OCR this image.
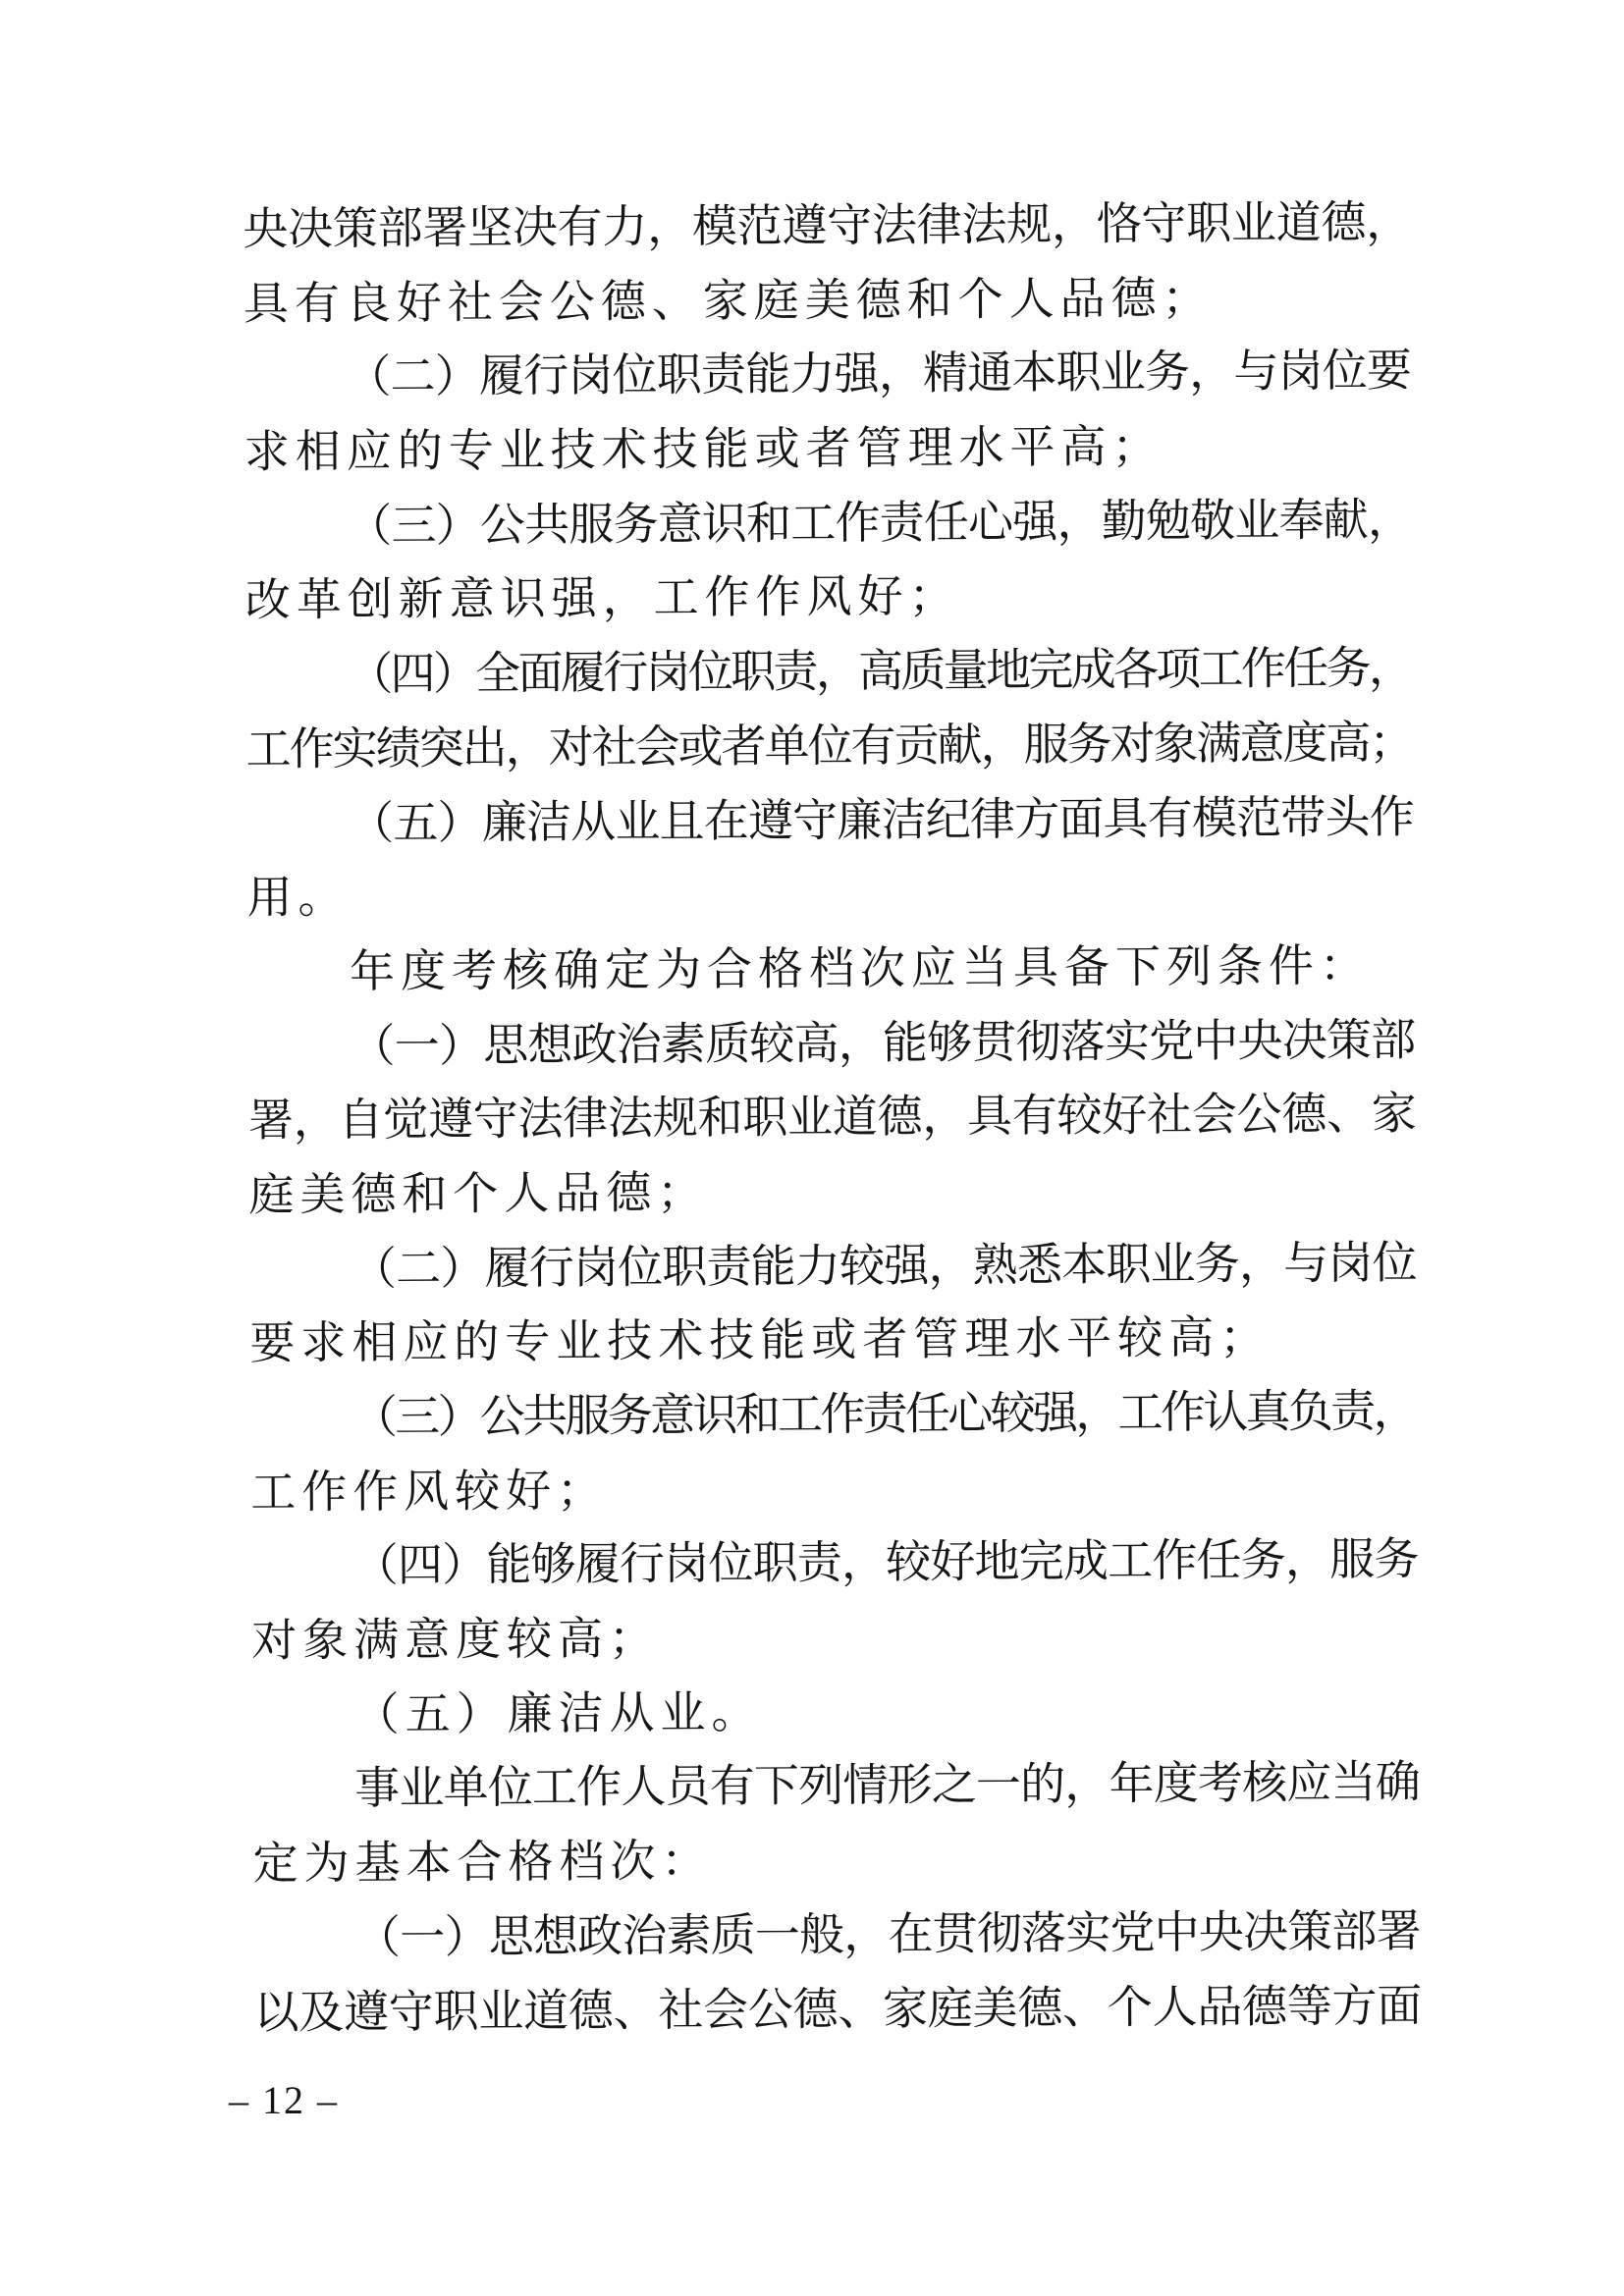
央决策部署坚决有力，模范遵守法律法规，恪守职业道德，
具有良好社会公德、家庭美德和个人品德；
（二）履行岗位职责能力强，精通本职业务，与岗位要
求相应的专业技术技能或者管理水平高；
（三）公共服务意识和工作责任心强，勤勉敬业奉献，
改革创新意识强，工作作风好；
（四）全面履行岗位职责，高质量地完成各项工作任务，
工作实绩突出，对社会或者单位有贡献，服务对象满意度高；
（五）廉洁从业且在遵守廉洁纪律方面具有模范带头作
用。
年度考核确定为合格档次应当具备下列条件：
（一）思想政治素质较高，能够贯彻落实党中央决策部
署，自觉遵守法律法规和职业道德，具有较好社会公德、家
庭美德和个人品德；
（二）履行岗位职责能力较强，熟悉本职业务，与岗位
要求相应的专业技术技能或者管理水平较高；
（三）公共服务意识和工作责任心较强，工作认真负责，
工作作风较好；
（四）能够履行岗位职责，较好地完成工作任务，服务
对象满意度较高；
（五）廉洁从业。
事业单位工作人员有下列情形之一的，年度考核应当确
定为基本合格档次：
（一）思想政治素质一般，在贯彻落实党中央决策部署
以及遵守职业道德、社会公德、家庭美德、个人品德等方面
– 12 –
